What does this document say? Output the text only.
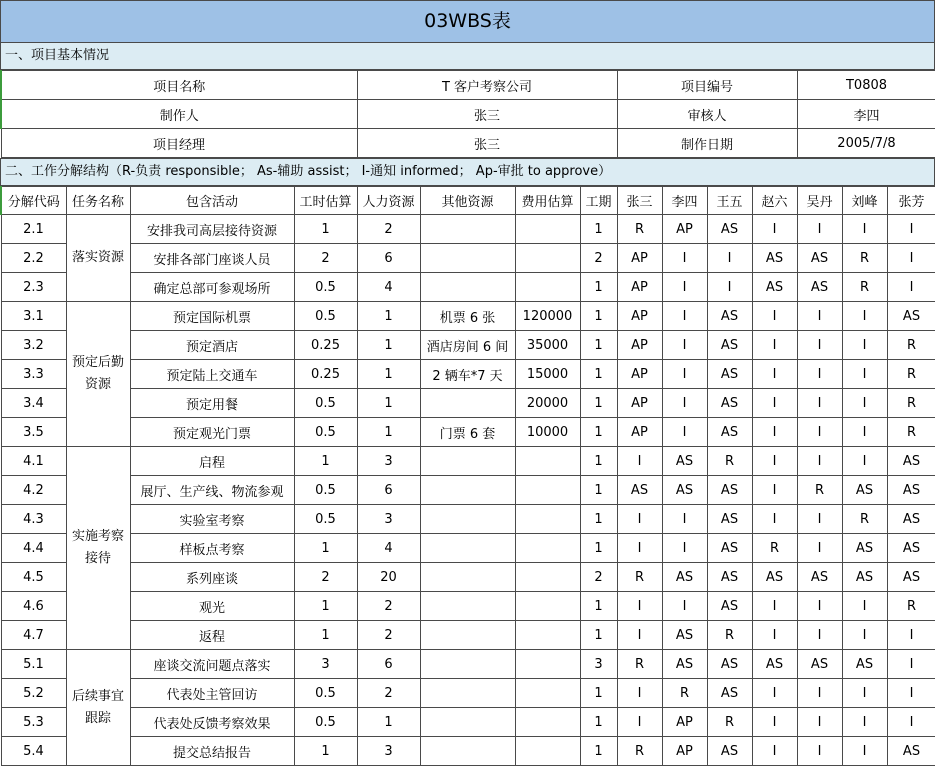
03WBS表
一、项目基本情况
项目名称	T 客户考察公司	项目编号	T0808
制作人	张三	审核人	李四
项目经理	张三	制作日期	2005/7/8
二、工作分解结构（R-负责 responsible； As-辅助 assist； I-通知 informed； Ap-审批 to approve）
分解代码	任务名称	包含活动	工时估算	人力资源	其他资源	费用估算	工期	张三	李四	王五	赵六	吴丹	刘峰	张芳
2.1	落实资源	安排我司高层接待资源	1	2			1	R	AP	AS	I	I	I	I
2.2		安排各部门座谈人员	2	6			2	AP	I	I	AS	AS	R	I
2.3		确定总部可参观场所	0.5	4			1	AP	I	I	AS	AS	R	I
3.1	预定后勤资源	预定国际机票	0.5	1	机票 6 张	120000	1	AP	I	AS	I	I	I	AS
3.2		预定酒店	0.25	1	酒店房间 6 间	35000	1	AP	I	AS	I	I	I	R
3.3		预定陆上交通车	0.25	1	2 辆车*7 天	15000	1	AP	I	AS	I	I	I	R
3.4		预定用餐	0.5	1		20000	1	AP	I	AS	I	I	I	R
3.5		预定观光门票	0.5	1	门票 6 套	10000	1	AP	I	AS	I	I	I	R
4.1	实施考察接待	启程	1	3			1	I	AS	R	I	I	I	AS
4.2		展厅、生产线、物流参观	0.5	6			1	AS	AS	AS	I	R	AS	AS
4.3		实验室考察	0.5	3			1	I	I	AS	I	I	R	AS
4.4		样板点考察	1	4			1	I	I	AS	R	I	AS	AS
4.5		系列座谈	2	20			2	R	AS	AS	AS	AS	AS	AS
4.6		观光	1	2			1	I	I	AS	I	I	I	R
4.7		返程	1	2			1	I	AS	R	I	I	I	I
5.1	后续事宜跟踪	座谈交流问题点落实	3	6			3	R	AS	AS	AS	AS	AS	I
5.2		代表处主管回访	0.5	2			1	I	R	AS	I	I	I	I
5.3		代表处反馈考察效果	0.5	1			1	I	AP	R	I	I	I	I
5.4		提交总结报告	1	3			1	R	AP	AS	I	I	I	AS
